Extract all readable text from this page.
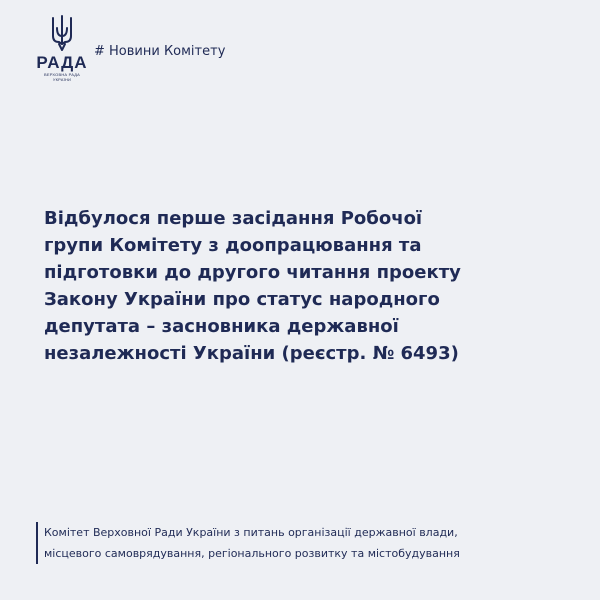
РАДА
ВЕРХОВНА РАДА
УКРАЇНИ
# Новини Комітету
Відбулося перше засідання Робочої
групи Комітету з доопрацювання та
підготовки до другого читання проекту
Закону України про статус народного
депутата – засновника державної
незалежності України (реєстр. № 6493)
Комітет Верховної Ради України з питань організації державної влади,
місцевого самоврядування, регіонального розвитку та містобудування
